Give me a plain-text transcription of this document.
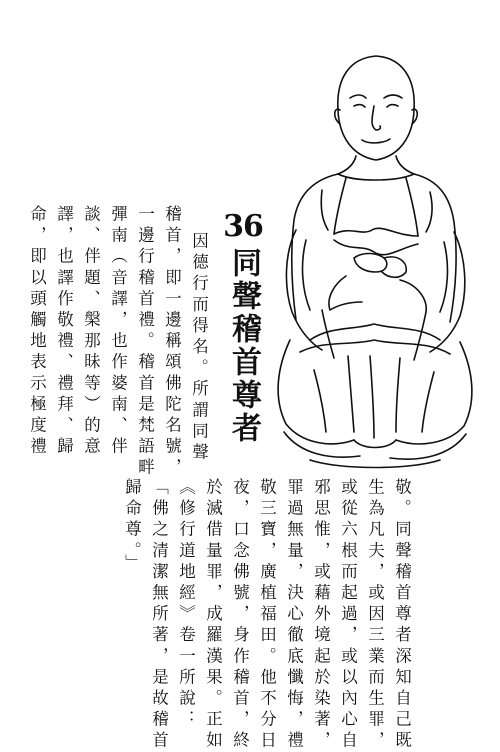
36
同聲稽首尊者
因德行而得名。所謂同聲
稽首，即一邊稱頌佛陀名號，
一邊行稽首禮。稽首是梵語畔
彈南（音譯，也作婆南、伴
談、伴題、槃那昧等）的意
譯，也譯作敬禮、禮拜、歸
命，即以頭觸地表示極度禮
敬。同聲稽首尊者深知自己既
生為凡夫，或因三業而生罪，
或從六根而起過，或以內心自
邪思惟，或藉外境起於染著，
罪過無量，決心徹底懺悔，禮
敬三寶，廣植福田。他不分日
夜，口念佛號，身作稽首，終
於滅借量罪，成羅漢果。正如
《修行道地經》卷一所說：
「佛之清潔無所著，是故稽首
歸命尊。」
